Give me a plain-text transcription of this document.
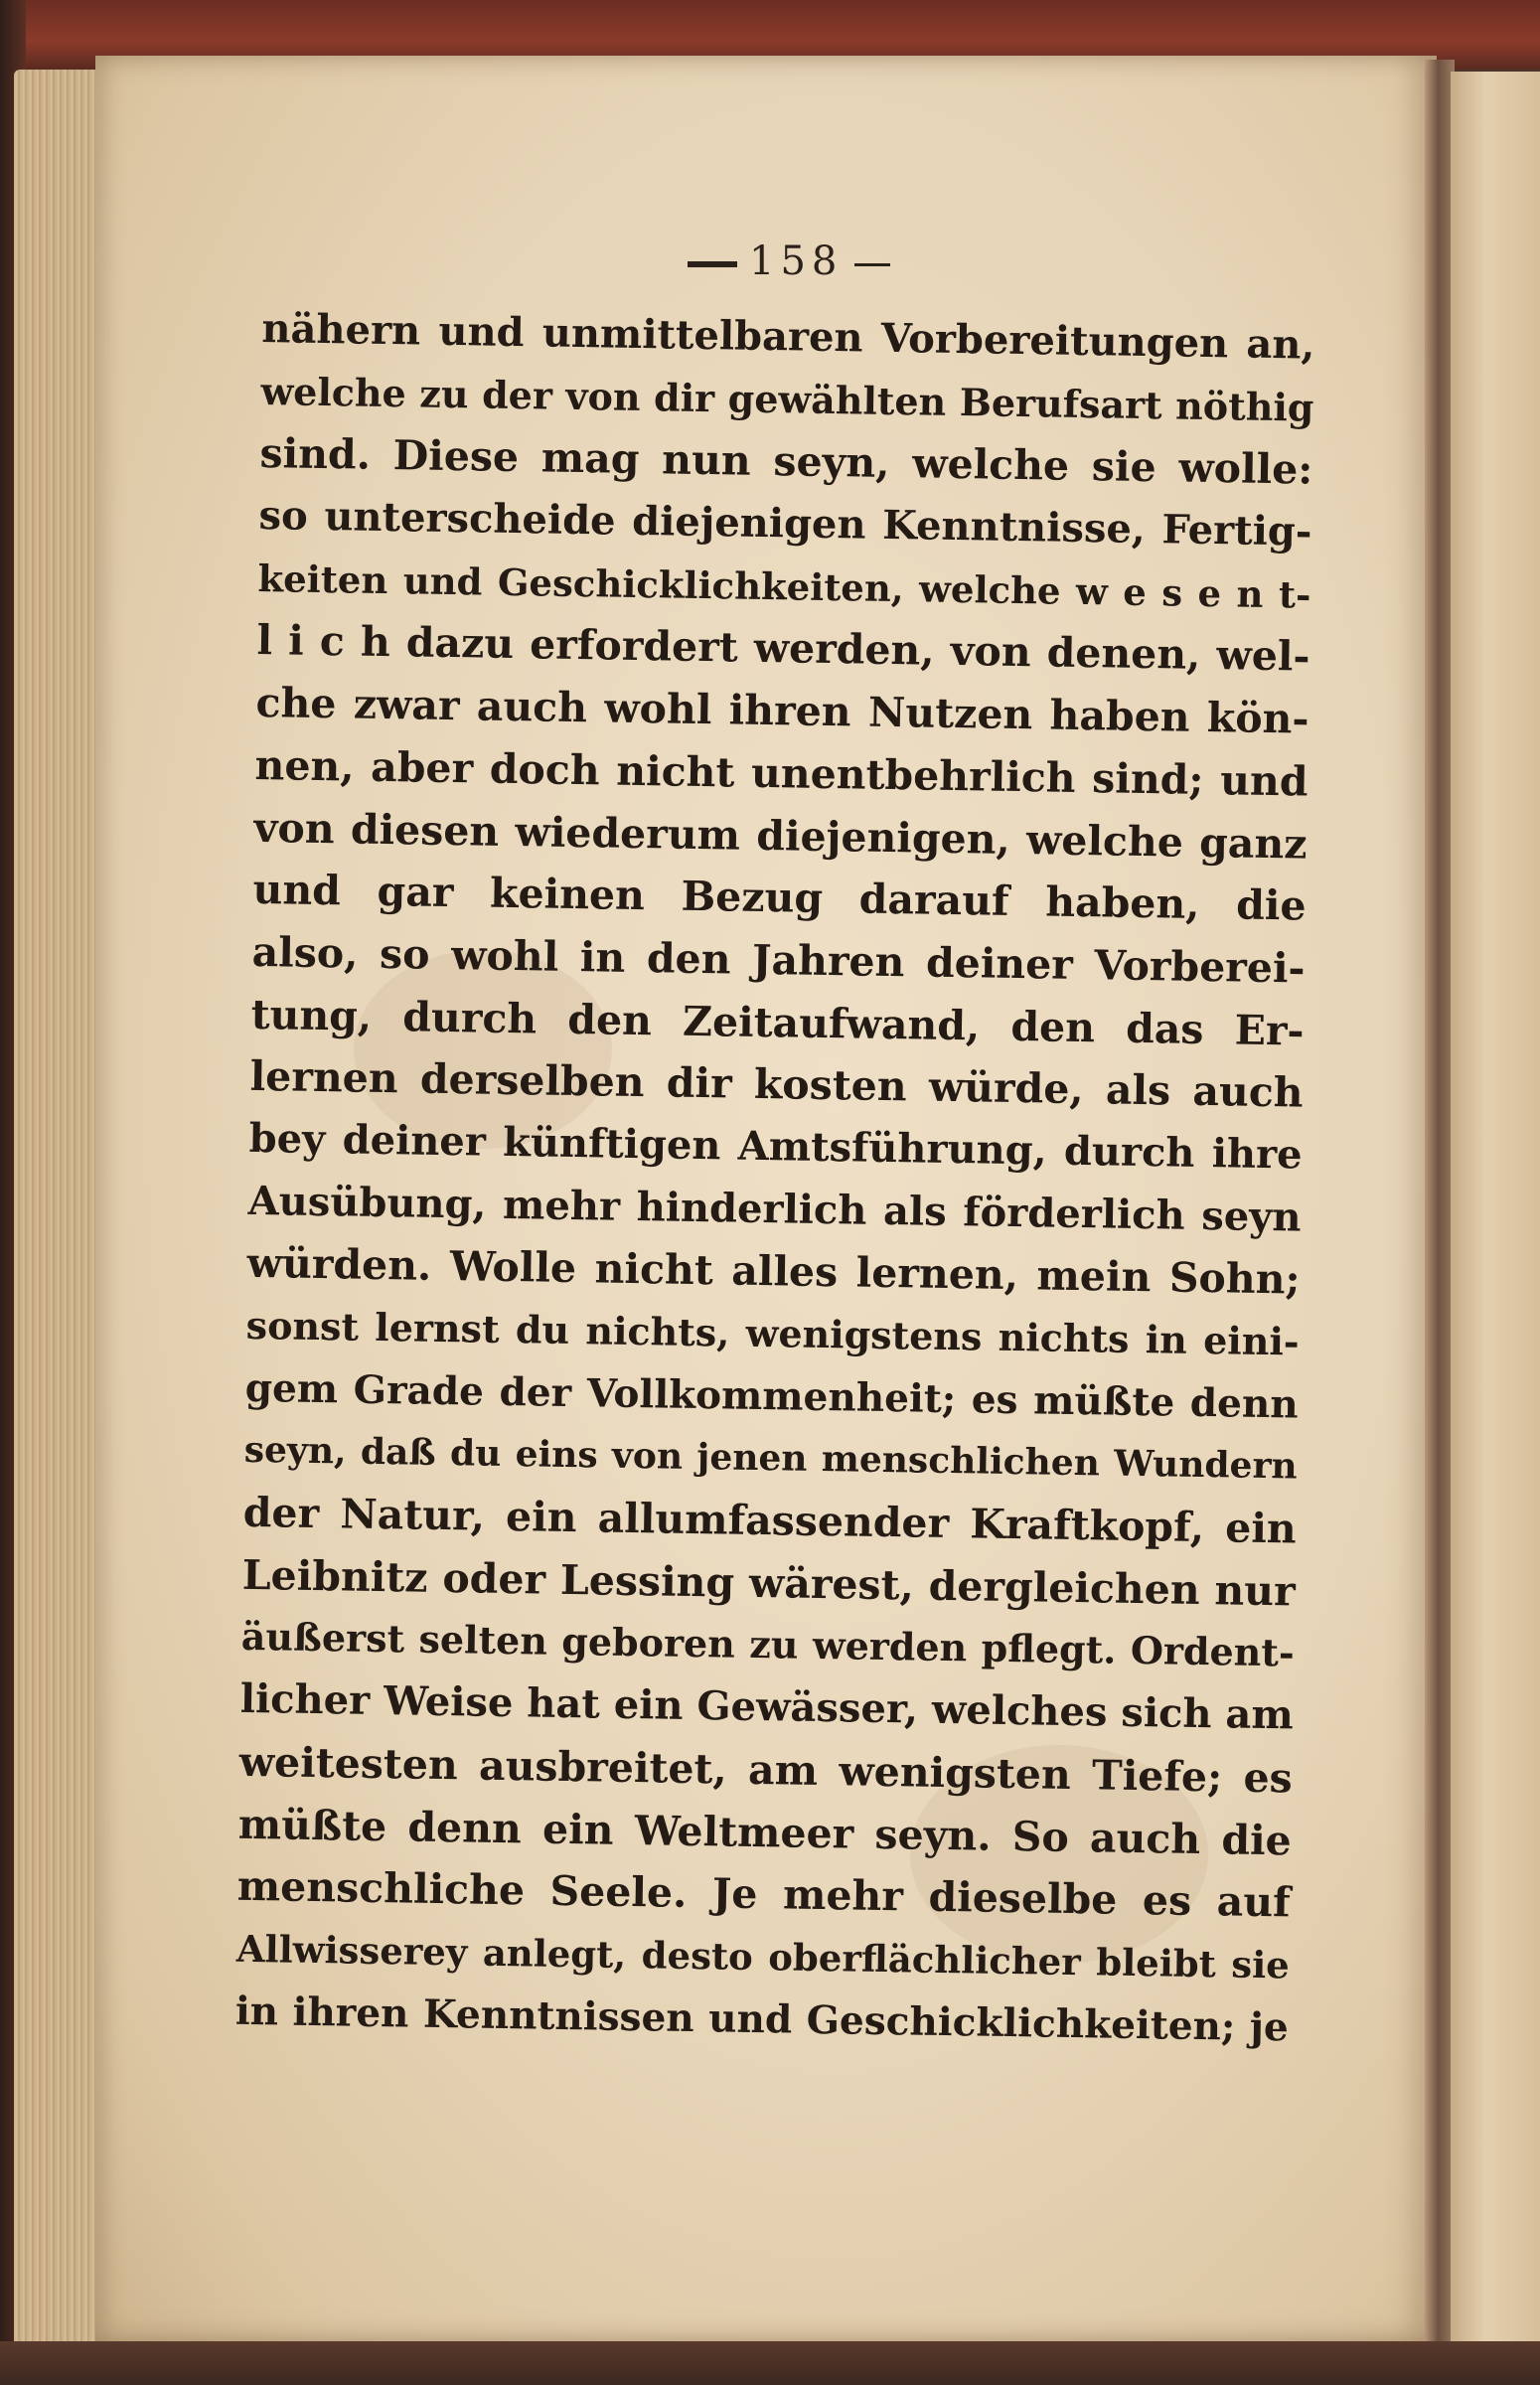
158
nähern und unmittelbaren Vorbereitungen an,
welche zu der von dir gewählten Berufsart nöthig
sind. Diese mag nun seyn, welche sie wolle:
so unterscheide diejenigen Kenntnisse, Fertig-
keiten und Geschicklichkeiten, welche w e s e n t-
l i c h dazu erfordert werden, von denen, wel-
che zwar auch wohl ihren Nutzen haben kön-
nen, aber doch nicht unentbehrlich sind; und
von diesen wiederum diejenigen, welche ganz
und gar keinen Bezug darauf haben, die
also, so wohl in den Jahren deiner Vorberei-
tung, durch den Zeitaufwand, den das Er-
lernen derselben dir kosten würde, als auch
bey deiner künftigen Amtsführung, durch ihre
Ausübung, mehr hinderlich als förderlich seyn
würden. Wolle nicht alles lernen, mein Sohn;
sonst lernst du nichts, wenigstens nichts in eini-
gem Grade der Vollkommenheit; es müßte denn
seyn, daß du eins von jenen menschlichen Wundern
der Natur, ein allumfassender Kraftkopf, ein
Leibnitz oder Lessing wärest, dergleichen nur
äußerst selten geboren zu werden pflegt. Ordent-
licher Weise hat ein Gewässer, welches sich am
weitesten ausbreitet, am wenigsten Tiefe; es
müßte denn ein Weltmeer seyn. So auch die
menschliche Seele. Je mehr dieselbe es auf
Allwisserey anlegt, desto oberflächlicher bleibt sie
in ihren Kenntnissen und Geschicklichkeiten; je
